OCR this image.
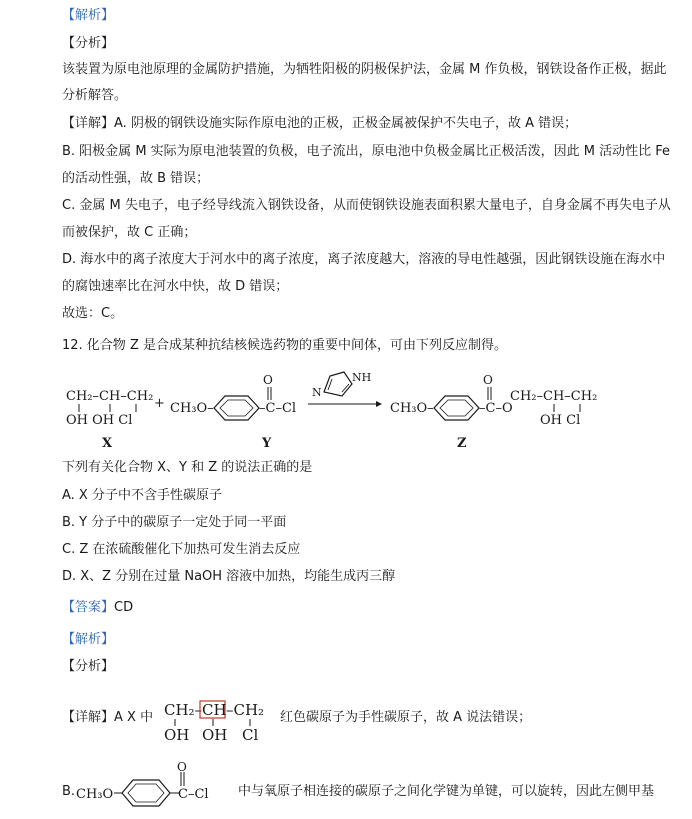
【解析】
【分析】
该装置为原电池原理的金属防护措施，为牺牲阳极的阴极保护法，金属 M 作负极，钢铁设备作正极，据此
分析解答。
【详解】A. 阴极的钢铁设施实际作原电池的正极，正极金属被保护不失电子，故 A 错误；
B. 阳极金属 M 实际为原电池装置的负极，电子流出，原电池中负极金属比正极活泼，因此 M 活动性比 Fe
的活动性强，故 B 错误；
C. 金属 M 失电子，电子经导线流入钢铁设备，从而使钢铁设施表面积累大量电子，自身金属不再失电子从
而被保护，故 C 正确；
D. 海水中的离子浓度大于河水中的离子浓度，离子浓度越大，溶液的导电性越强，因此钢铁设施在海水中
的腐蚀速率比在河水中快，故 D 错误；
故选：C。
12. 化合物 Z 是合成某种抗结核候选药物的重要中间体，可由下列反应制得。
CH₂–CH–CH₂
OH OH Cl
X
+ CH₃O–
O
–C–Cl
Y
NH
N
CH₃O–
O
–C–O
CH₂–CH–CH₂
OH Cl
Z
下列有关化合物 X、Y 和 Z 的说法正确的是
A. X 分子中不含手性碳原子
B. Y 分子中的碳原子一定处于同一平面
C. Z 在浓硫酸催化下加热可发生消去反应
D. X、Z 分别在过量 NaOH 溶液中加热，均能生成丙三醇
【答案】CD
【解析】
【分析】
【详解】A X 中 CH₂– CH –CH₂
OH OH Cl
红色碳原子为手性碳原子，故 A 说法错误；
B. CH₃O
O
C–Cl 中与氧原子相连接的碳原子之间化学键为单键，可以旋转，因此左侧甲基
